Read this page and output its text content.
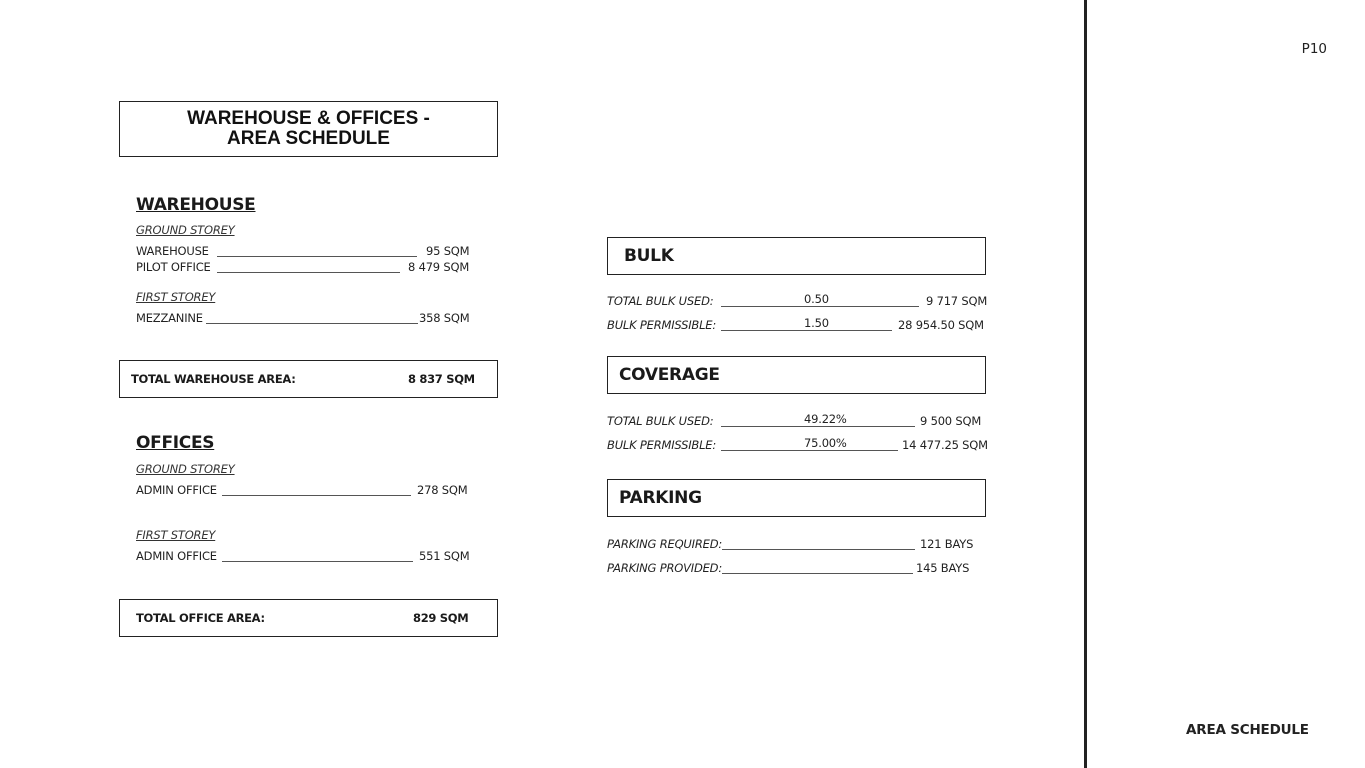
WAREHOUSE & OFFICES -
AREA SCHEDULE
WAREHOUSE
GROUND STOREY
WAREHOUSE	95 SQM
PILOT OFFICE	8 479 SQM
FIRST STOREY
MEZZANINE	358 SQM
TOTAL WAREHOUSE AREA:	8 837 SQM
OFFICES
GROUND STOREY
ADMIN OFFICE	278 SQM
FIRST STOREY
ADMIN OFFICE	551 SQM
TOTAL OFFICE AREA:	829 SQM
BULK
TOTAL BULK USED:	0.50	9 717 SQM
BULK PERMISSIBLE:	1.50	28 954.50 SQM
COVERAGE
TOTAL BULK USED:	49.22%	9 500 SQM
BULK PERMISSIBLE:	75.00%	14 477.25 SQM
PARKING
PARKING REQUIRED:	121 BAYS
PARKING PROVIDED:	145 BAYS
P10
AREA SCHEDULE
